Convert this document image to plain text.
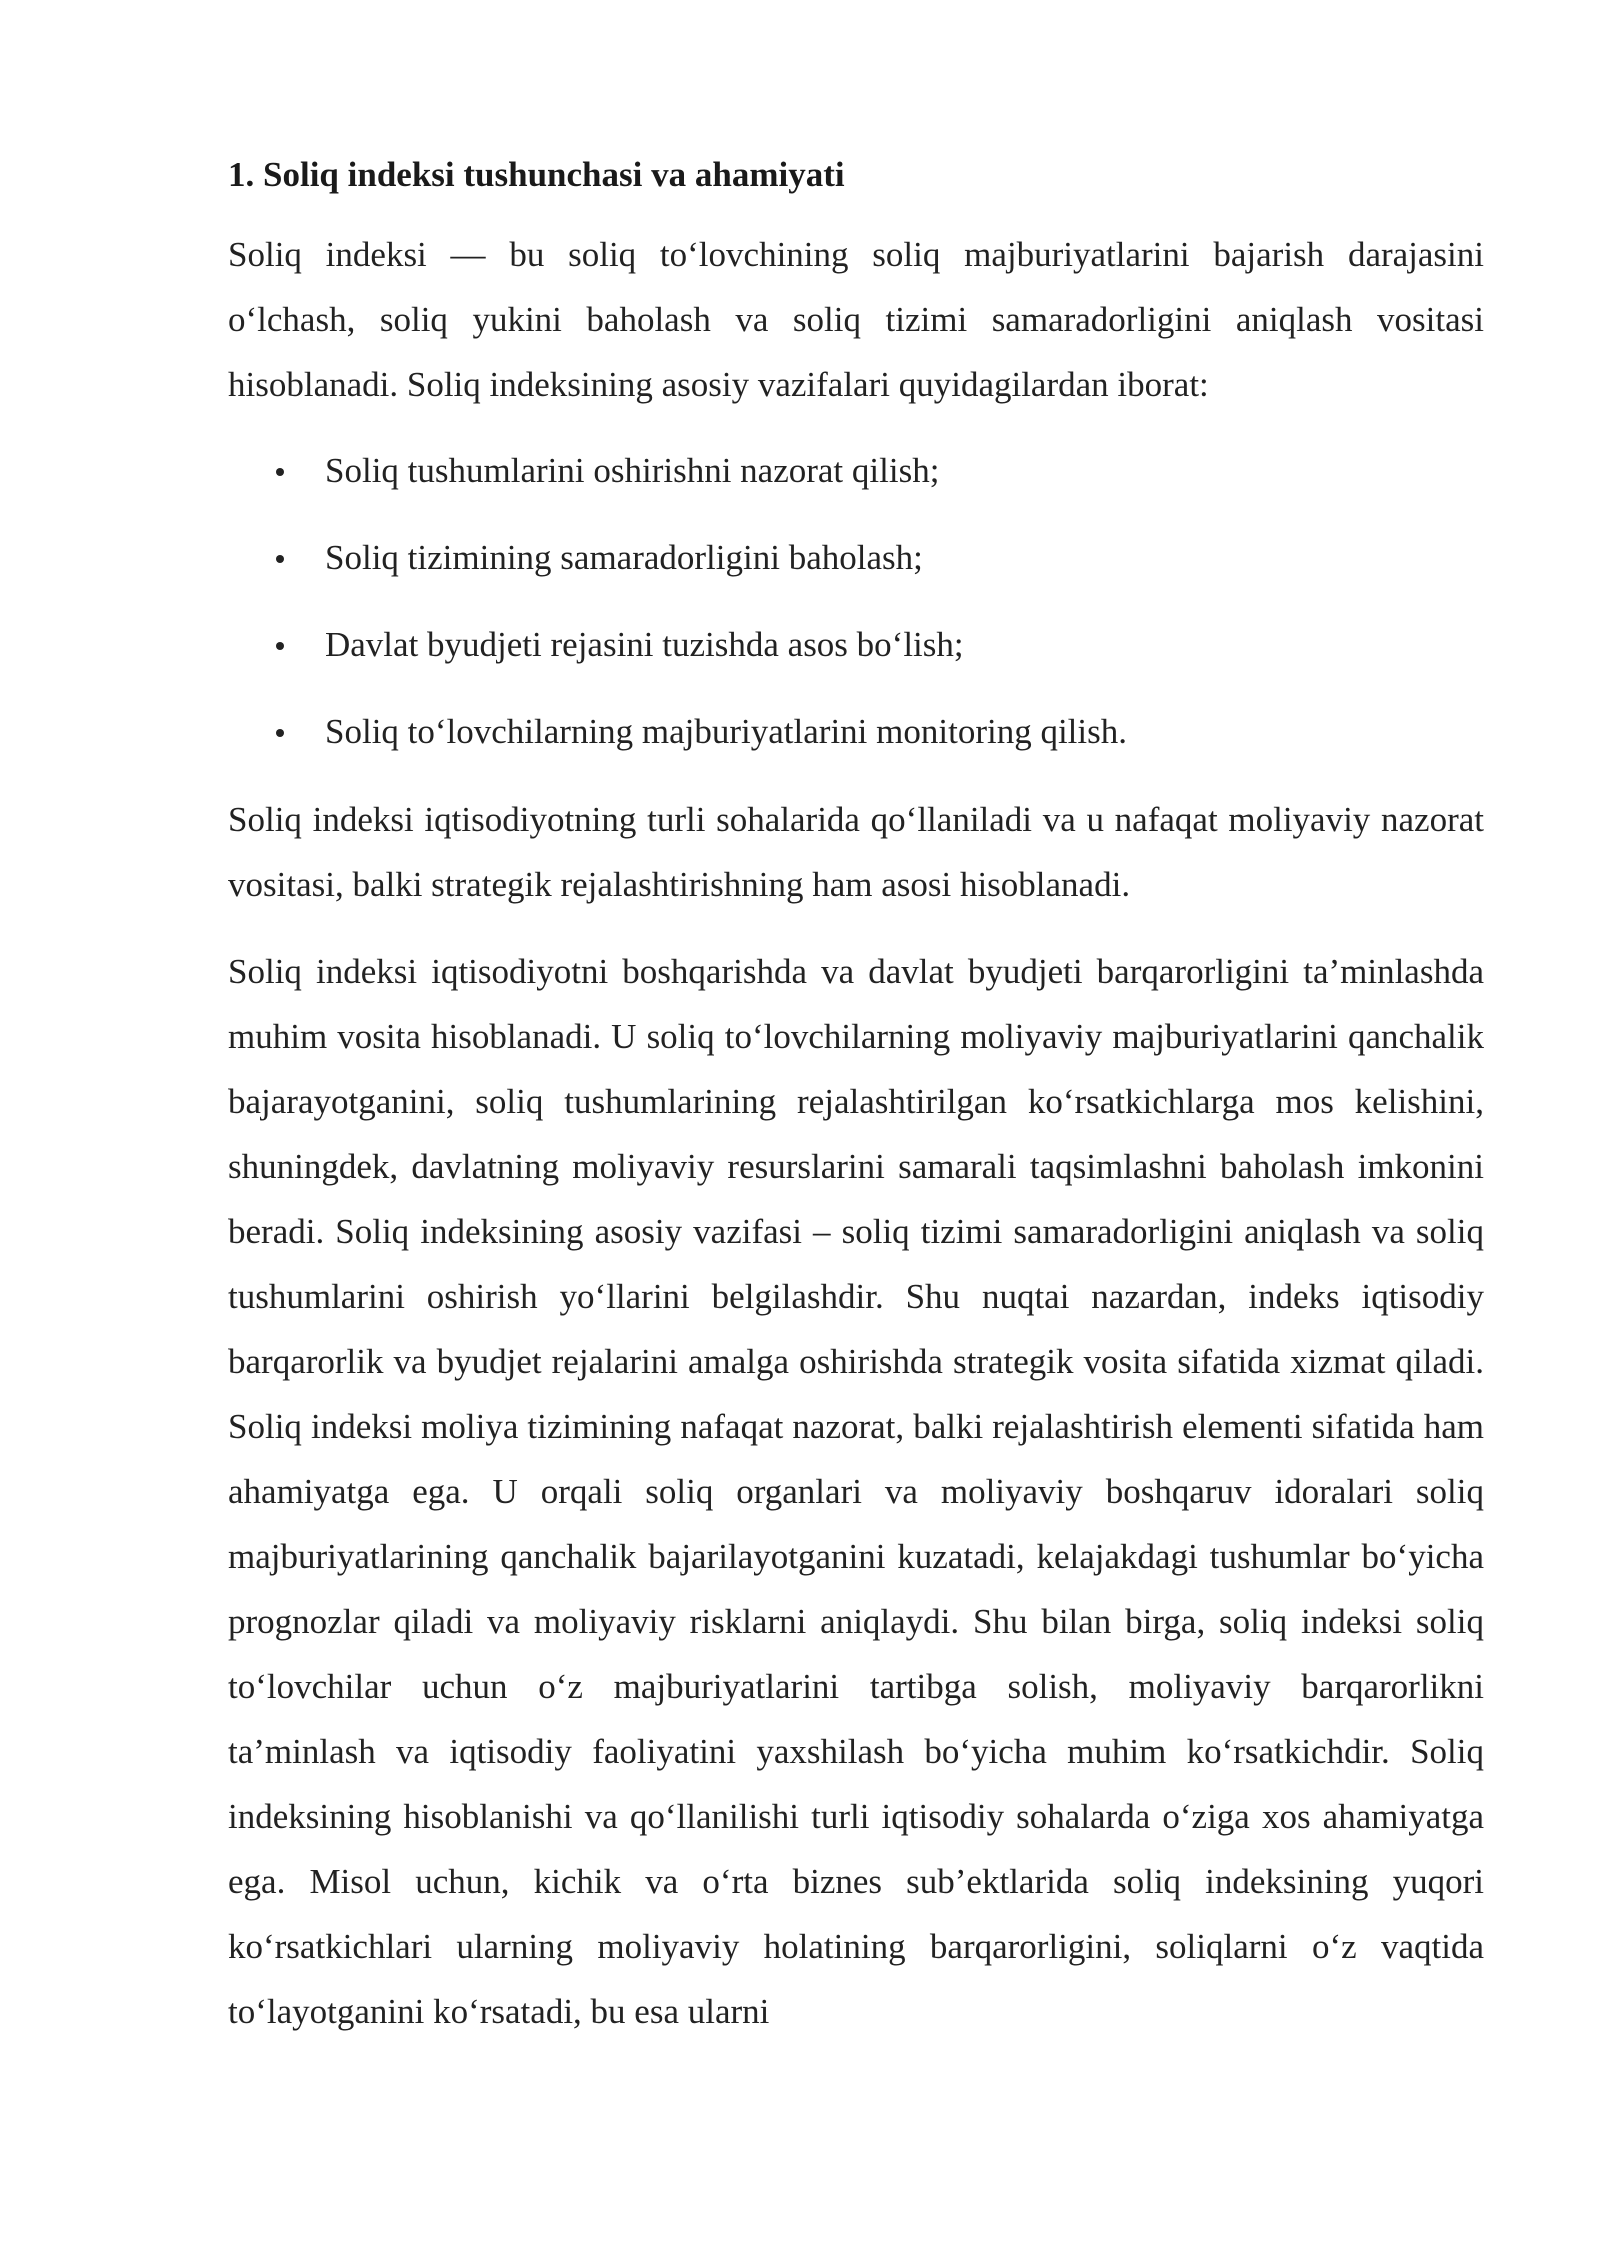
1. Soliq indeksi tushunchasi va ahamiyati

Soliq indeksi — bu soliq to‘lovchining soliq majburiyatlarini bajarish darajasini o‘lchash, soliq yukini baholash va soliq tizimi samaradorligini aniqlash vositasi hisoblanadi. Soliq indeksining asosiy vazifalari quyidagilardan iborat:

Soliq tushumlarini oshirishni nazorat qilish;
Soliq tizimining samaradorligini baholash;
Davlat byudjeti rejasini tuzishda asos bo‘lish;
Soliq to‘lovchilarning majburiyatlarini monitoring qilish.

Soliq indeksi iqtisodiyotning turli sohalarida qo‘llaniladi va u nafaqat moliyaviy nazorat vositasi, balki strategik rejalashtirishning ham asosi hisoblanadi.

Soliq indeksi iqtisodiyotni boshqarishda va davlat byudjeti barqarorligini ta’minlashda muhim vosita hisoblanadi. U soliq to‘lovchilarning moliyaviy majburiyatlarini qanchalik bajarayotganini, soliq tushumlarining rejalashtirilgan ko‘rsatkichlarga mos kelishini, shuningdek, davlatning moliyaviy resurslarini samarali taqsimlashni baholash imkonini beradi. Soliq indeksining asosiy vazifasi – soliq tizimi samaradorligini aniqlash va soliq tushumlarini oshirish yo‘llarini belgilashdir. Shu nuqtai nazardan, indeks iqtisodiy barqarorlik va byudjet rejalarini amalga oshirishda strategik vosita sifatida xizmat qiladi. Soliq indeksi moliya tizimining nafaqat nazorat, balki rejalashtirish elementi sifatida ham ahamiyatga ega. U orqali soliq organlari va moliyaviy boshqaruv idoralari soliq majburiyatlarining qanchalik bajarilayotganini kuzatadi, kelajakdagi tushumlar bo‘yicha prognozlar qiladi va moliyaviy risklarni aniqlaydi. Shu bilan birga, soliq indeksi soliq to‘lovchilar uchun o‘z majburiyatlarini tartibga solish, moliyaviy barqarorlikni ta’minlash va iqtisodiy faoliyatini yaxshilash bo‘yicha muhim ko‘rsatkichdir. Soliq indeksining hisoblanishi va qo‘llanilishi turli iqtisodiy sohalarda o‘ziga xos ahamiyatga ega. Misol uchun, kichik va o‘rta biznes sub’ektlarida soliq indeksining yuqori ko‘rsatkichlari ularning moliyaviy holatining barqarorligini, soliqlarni o‘z vaqtida to‘layotganini ko‘rsatadi, bu esa ularni
